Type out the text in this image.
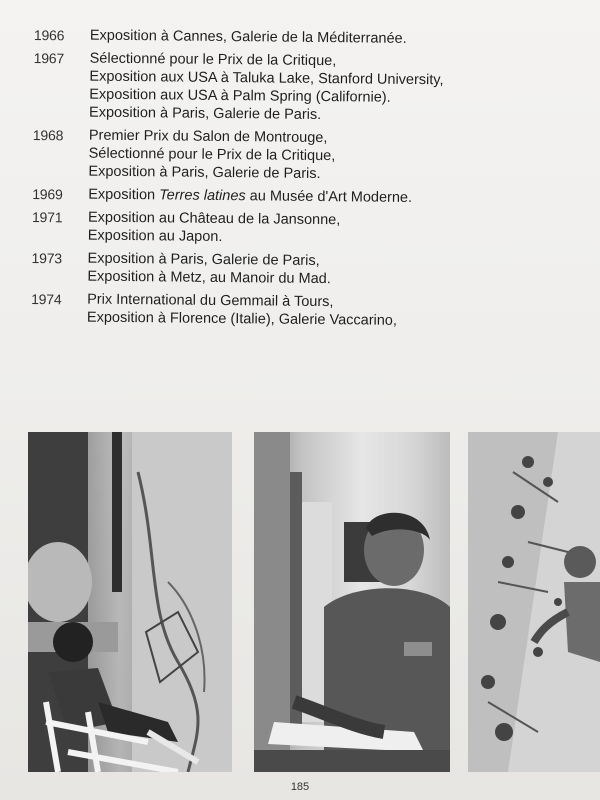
1966	Exposition à Cannes, Galerie de la Méditerranée.
1967	Sélectionné pour le Prix de la Critique,
Exposition aux USA à Taluka Lake, Stanford University,
Exposition aux USA à Palm Spring (Californie).
Exposition à Paris, Galerie de Paris.
1968	Premier Prix du Salon de Montrouge,
Sélectionné pour le Prix de la Critique,
Exposition à Paris, Galerie de Paris.
1969	Exposition Terres latines au Musée d'Art Moderne.
1971	Exposition au Château de la Jansonne,
Exposition au Japon.
1973	Exposition à Paris, Galerie de Paris,
Exposition à Metz, au Manoir du Mad.
1974	Prix International du Gemmail à Tours,
Exposition à Florence (Italie), Galerie Vaccarino,
185
